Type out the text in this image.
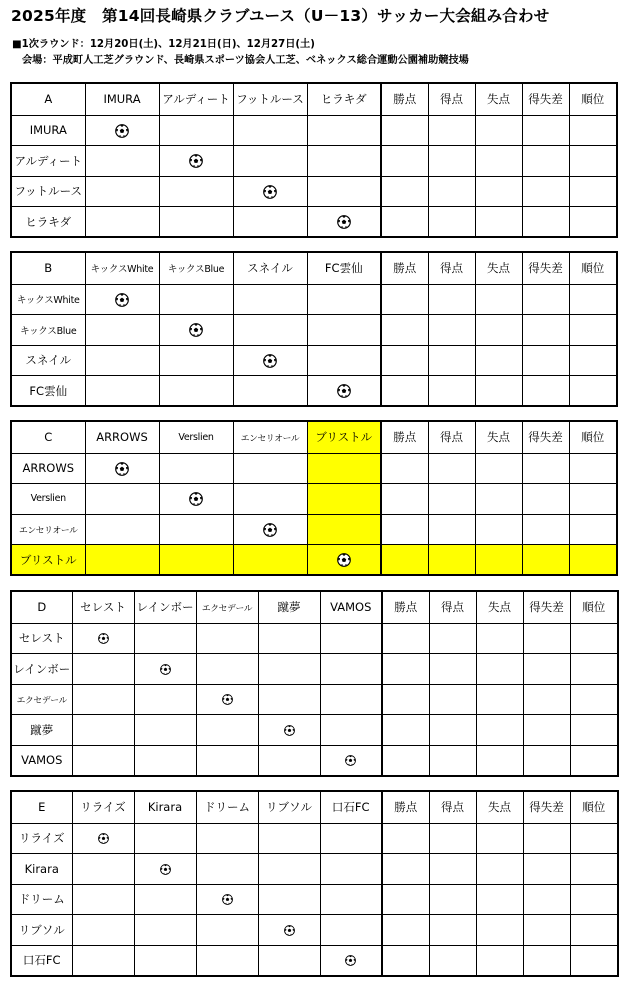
2025年度　第14回長崎県クラブユース（U－13）サッカー大会組み合わせ
■1次ラウンド：12月20日(土)、12月21日(日)、12月27日(土)
会場：平成町人工芝グラウンド、長崎県スポーツ協会人工芝、ベネックス総合運動公園補助競技場
A	IMURA	アルディート	フットルース	ヒラキダ	勝点	得点	失点	得失差	順位
IMURA									
アルディート									
フットルース									
ヒラキダ									
B	キックスWhite	キックスBlue	スネイル	FC雲仙	勝点	得点	失点	得失差	順位
キックスWhite									
キックスBlue									
スネイル									
FC雲仙									
C	ARROWS	Verslien	エンセリオール	ブリストル	勝点	得点	失点	得失差	順位
ARROWS									
Verslien									
エンセリオール									
ブリストル									
D	セレスト	レインボー	エクセデール	蹴夢	VAMOS	勝点	得点	失点	得失差	順位
セレスト										
レインボー										
エクセデール										
蹴夢										
VAMOS										
E	リライズ	Kirara	ドリーム	リブソル	口石FC	勝点	得点	失点	得失差	順位
リライズ										
Kirara										
ドリーム										
リブソル										
口石FC										
